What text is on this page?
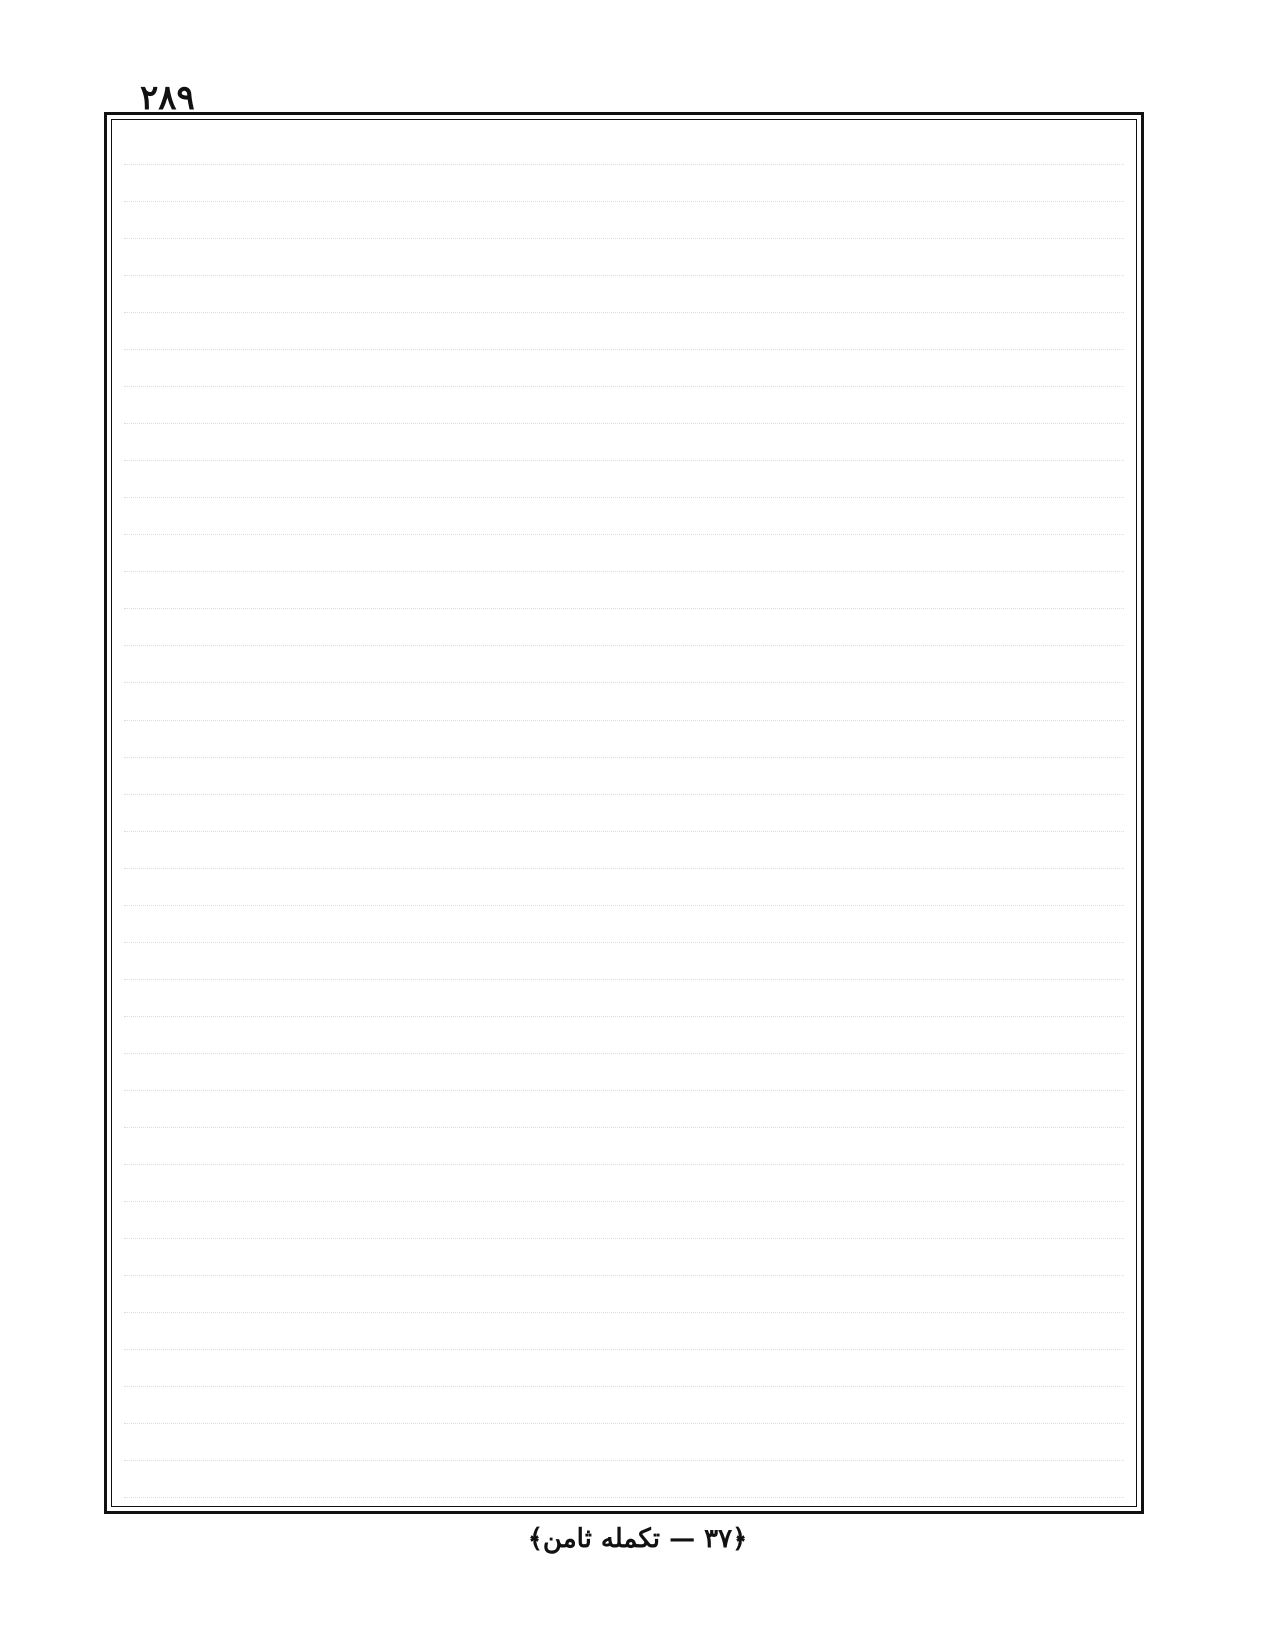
٢٨٩
﴿٣٧ — تكمله ثامن﴾
